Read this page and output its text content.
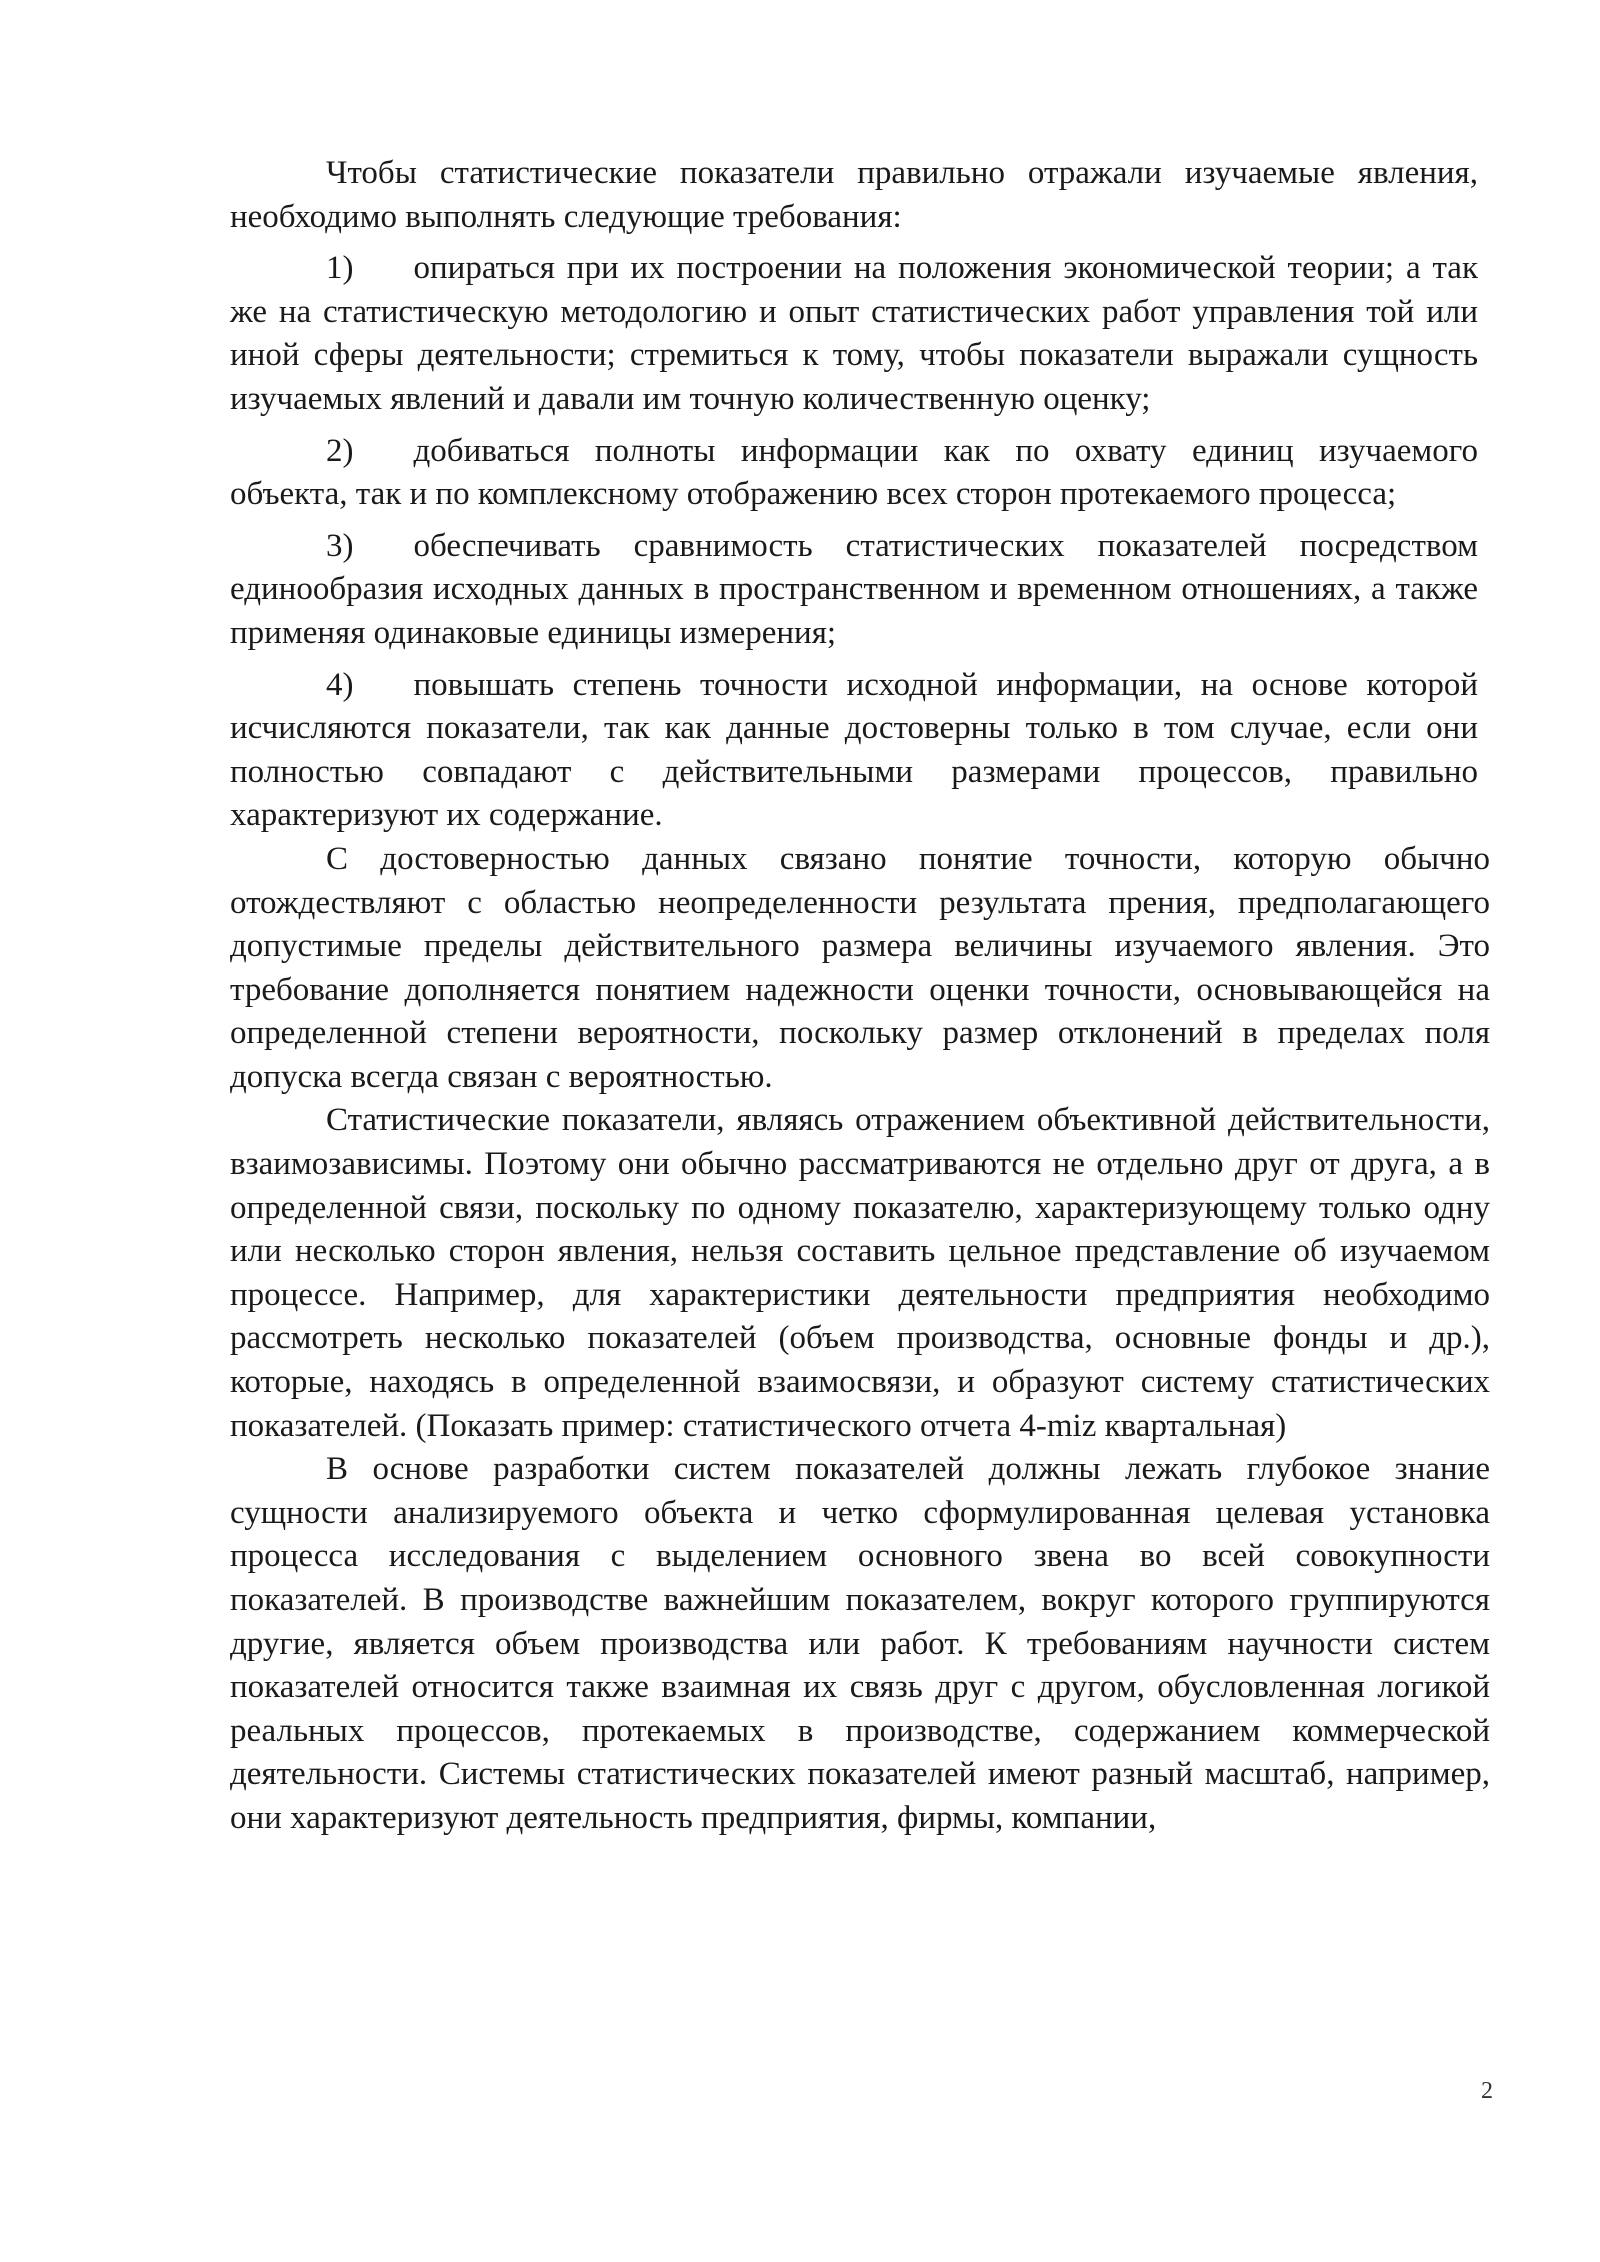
Чтобы статистические показатели правильно отражали изучаемые явления, необходимо выполнять следующие требования:

1) опираться при их построении на положения экономической теории; а так же на статистическую методологию и опыт статистических работ управления той или иной сферы деятельности; стремиться к тому, чтобы показатели выражали сущность изучаемых явлений и давали им точную количественную оценку;

2) добиваться полноты информации как по охвату единиц изучаемого объекта, так и по комплексному отображению всех сторон протекаемого процесса;

3) обеспечивать сравнимость статистических показателей посредством единообразия исходных данных в пространственном и временном отношениях, а также применяя одинаковые единицы измерения;

4) повышать степень точности исходной информации, на основе которой исчисляются показатели, так как данные достоверны только в том случае, если они полностью совпадают с действительными размерами процессов, правильно характеризуют их содержание.

С достоверностью данных связано понятие точности, которую обычно отождествляют с областью неопределенности результата прения, предполагающего допустимые пределы действительного размера величины изучаемого явления. Это требование дополняется понятием надежности оценки точности, основывающейся на определенной степени вероятности, поскольку размер отклонений в пределах поля допуска всегда связан с вероятностью.

Статистические показатели, являясь отражением объективной действительности, взаимозависимы. Поэтому они обычно рассматриваются не отдельно друг от друга, а в определенной связи, поскольку по одному показателю, характеризующему только одну или несколько сторон явления, нельзя составить цельное представление об изучаемом процессе. Например, для характеристики деятельности предприятия необходимо рассмотреть несколько показателей (объем производства, основные фонды и др.), которые, находясь в определенной взаимосвязи, и образуют систему статистических показателей. (Показать пример: статистического отчета 4-miz квартальная)

В основе разработки систем показателей должны лежать глубокое знание сущности анализируемого объекта и четко сформулированная целевая установка процесса исследования с выделением основного звена во всей совокупности показателей. В производстве важнейшим показателем, вокруг которого группируются другие, является объем производства или работ. К требованиям научности систем показателей относится также взаимная их связь друг с другом, обусловленная логикой реальных процессов, протекаемых в производстве, содержанием коммерческой деятельности. Системы статистических показателей имеют разный масштаб, например, они характеризуют деятельность предприятия, фирмы, компании,

2
